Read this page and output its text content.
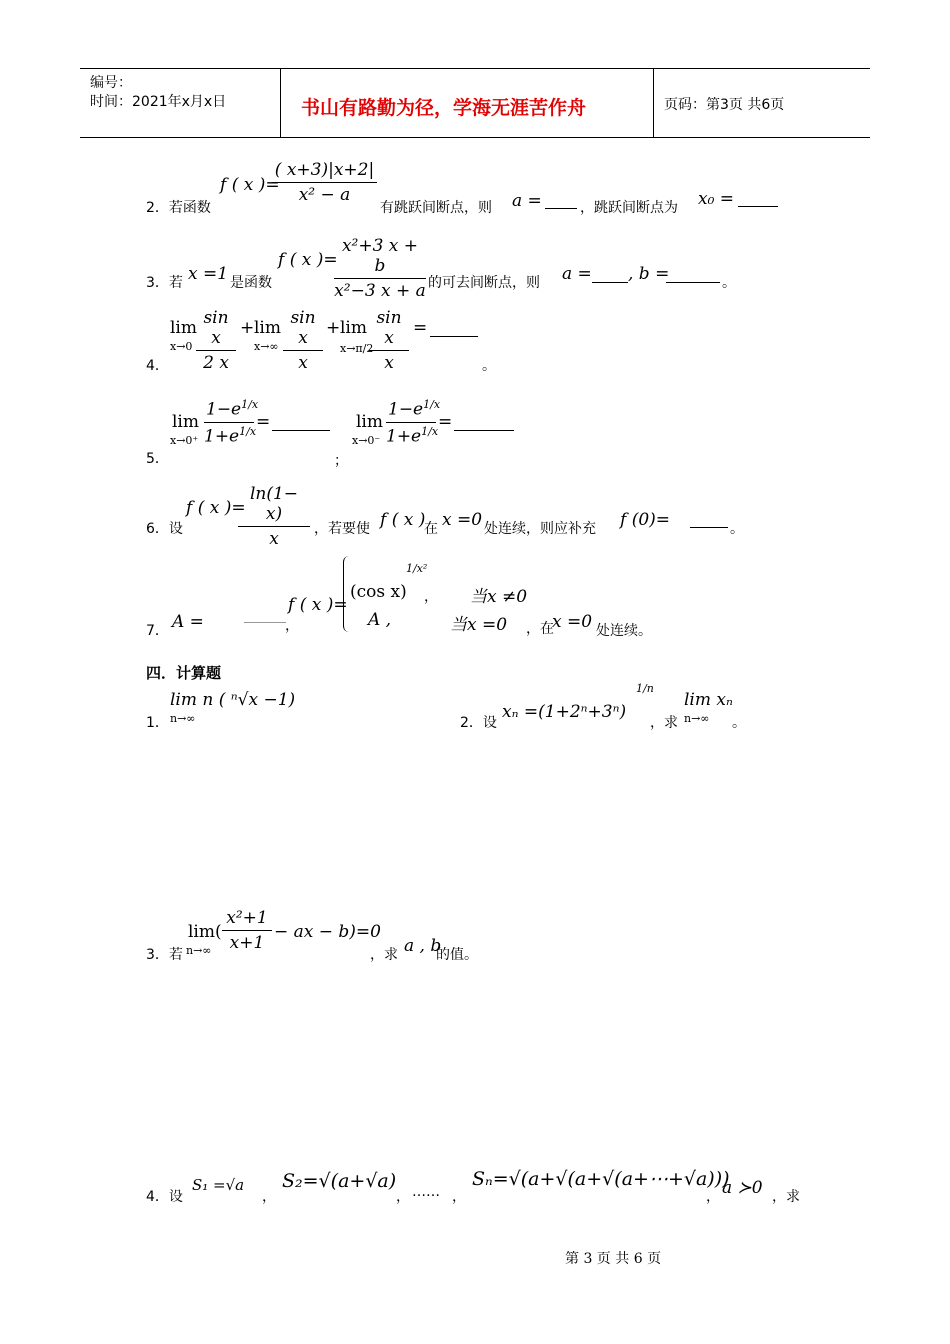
编号：
时间：2021年x月x日	书山有路勤为径，学海无涯苦作舟	页码：第3页 共6页
2．若函数
f ( x )=
$\frac{( x+3)|x+2|}{\text{x² − a}}$
有跳跃间断点，则 a =	，跳跃间断点为 x₀ =
3．若 x =1 是函数
f ( x )=
$\frac{\text{x²+3 x + b}}{\text{x²−3 x + a}}$ 的可去间断点，则 a = , b =	。
4．
lim
$x\to 0 \frac{\text{sin x}}{2 x} + \lim$
$x\to\infty \frac{\text{sin x}}{x} + \lim$
x→π/2
$\frac{\text{sin x}}{x}$ =
。
5．
lim
$x\to 0^+ \frac{1-e^{1/x}}{1+e^{1/x}}$ =
；
lim
$x\to 0^- \frac{1-e^{1/x}}{1+e^{1/x}}$ =
6．设
f ( x )=
$\frac{\ln(1- x)}{x}$ ，若要使 f ( x )
在 x =0 处连续，则应补充 f (0)=	。
7． A =	，
f ( x )=
(cos x)
1/x²
， 当x ≠0
A ,	当x =0 ，在
x =0 处连续。
四．计算题
1．
lim n ( ⁿ√x −1)
n→∞	2．设
xₙ =(1+2ⁿ+3ⁿ)
1/n
，求
lim xₙ
n→∞ 。
3．若
lim(
$n\to\infty \frac{\text{x²+1}}{x+1}$ − ax − b)=0
，求 a , b
的值。
4．设
S₁ =√a
，
S₂=√(a+√a)
， …… ，
Sₙ=√(a+√(a+√(a+⋯+√a)))
， a ≻0 ，求
第 3 页 共 6 页
